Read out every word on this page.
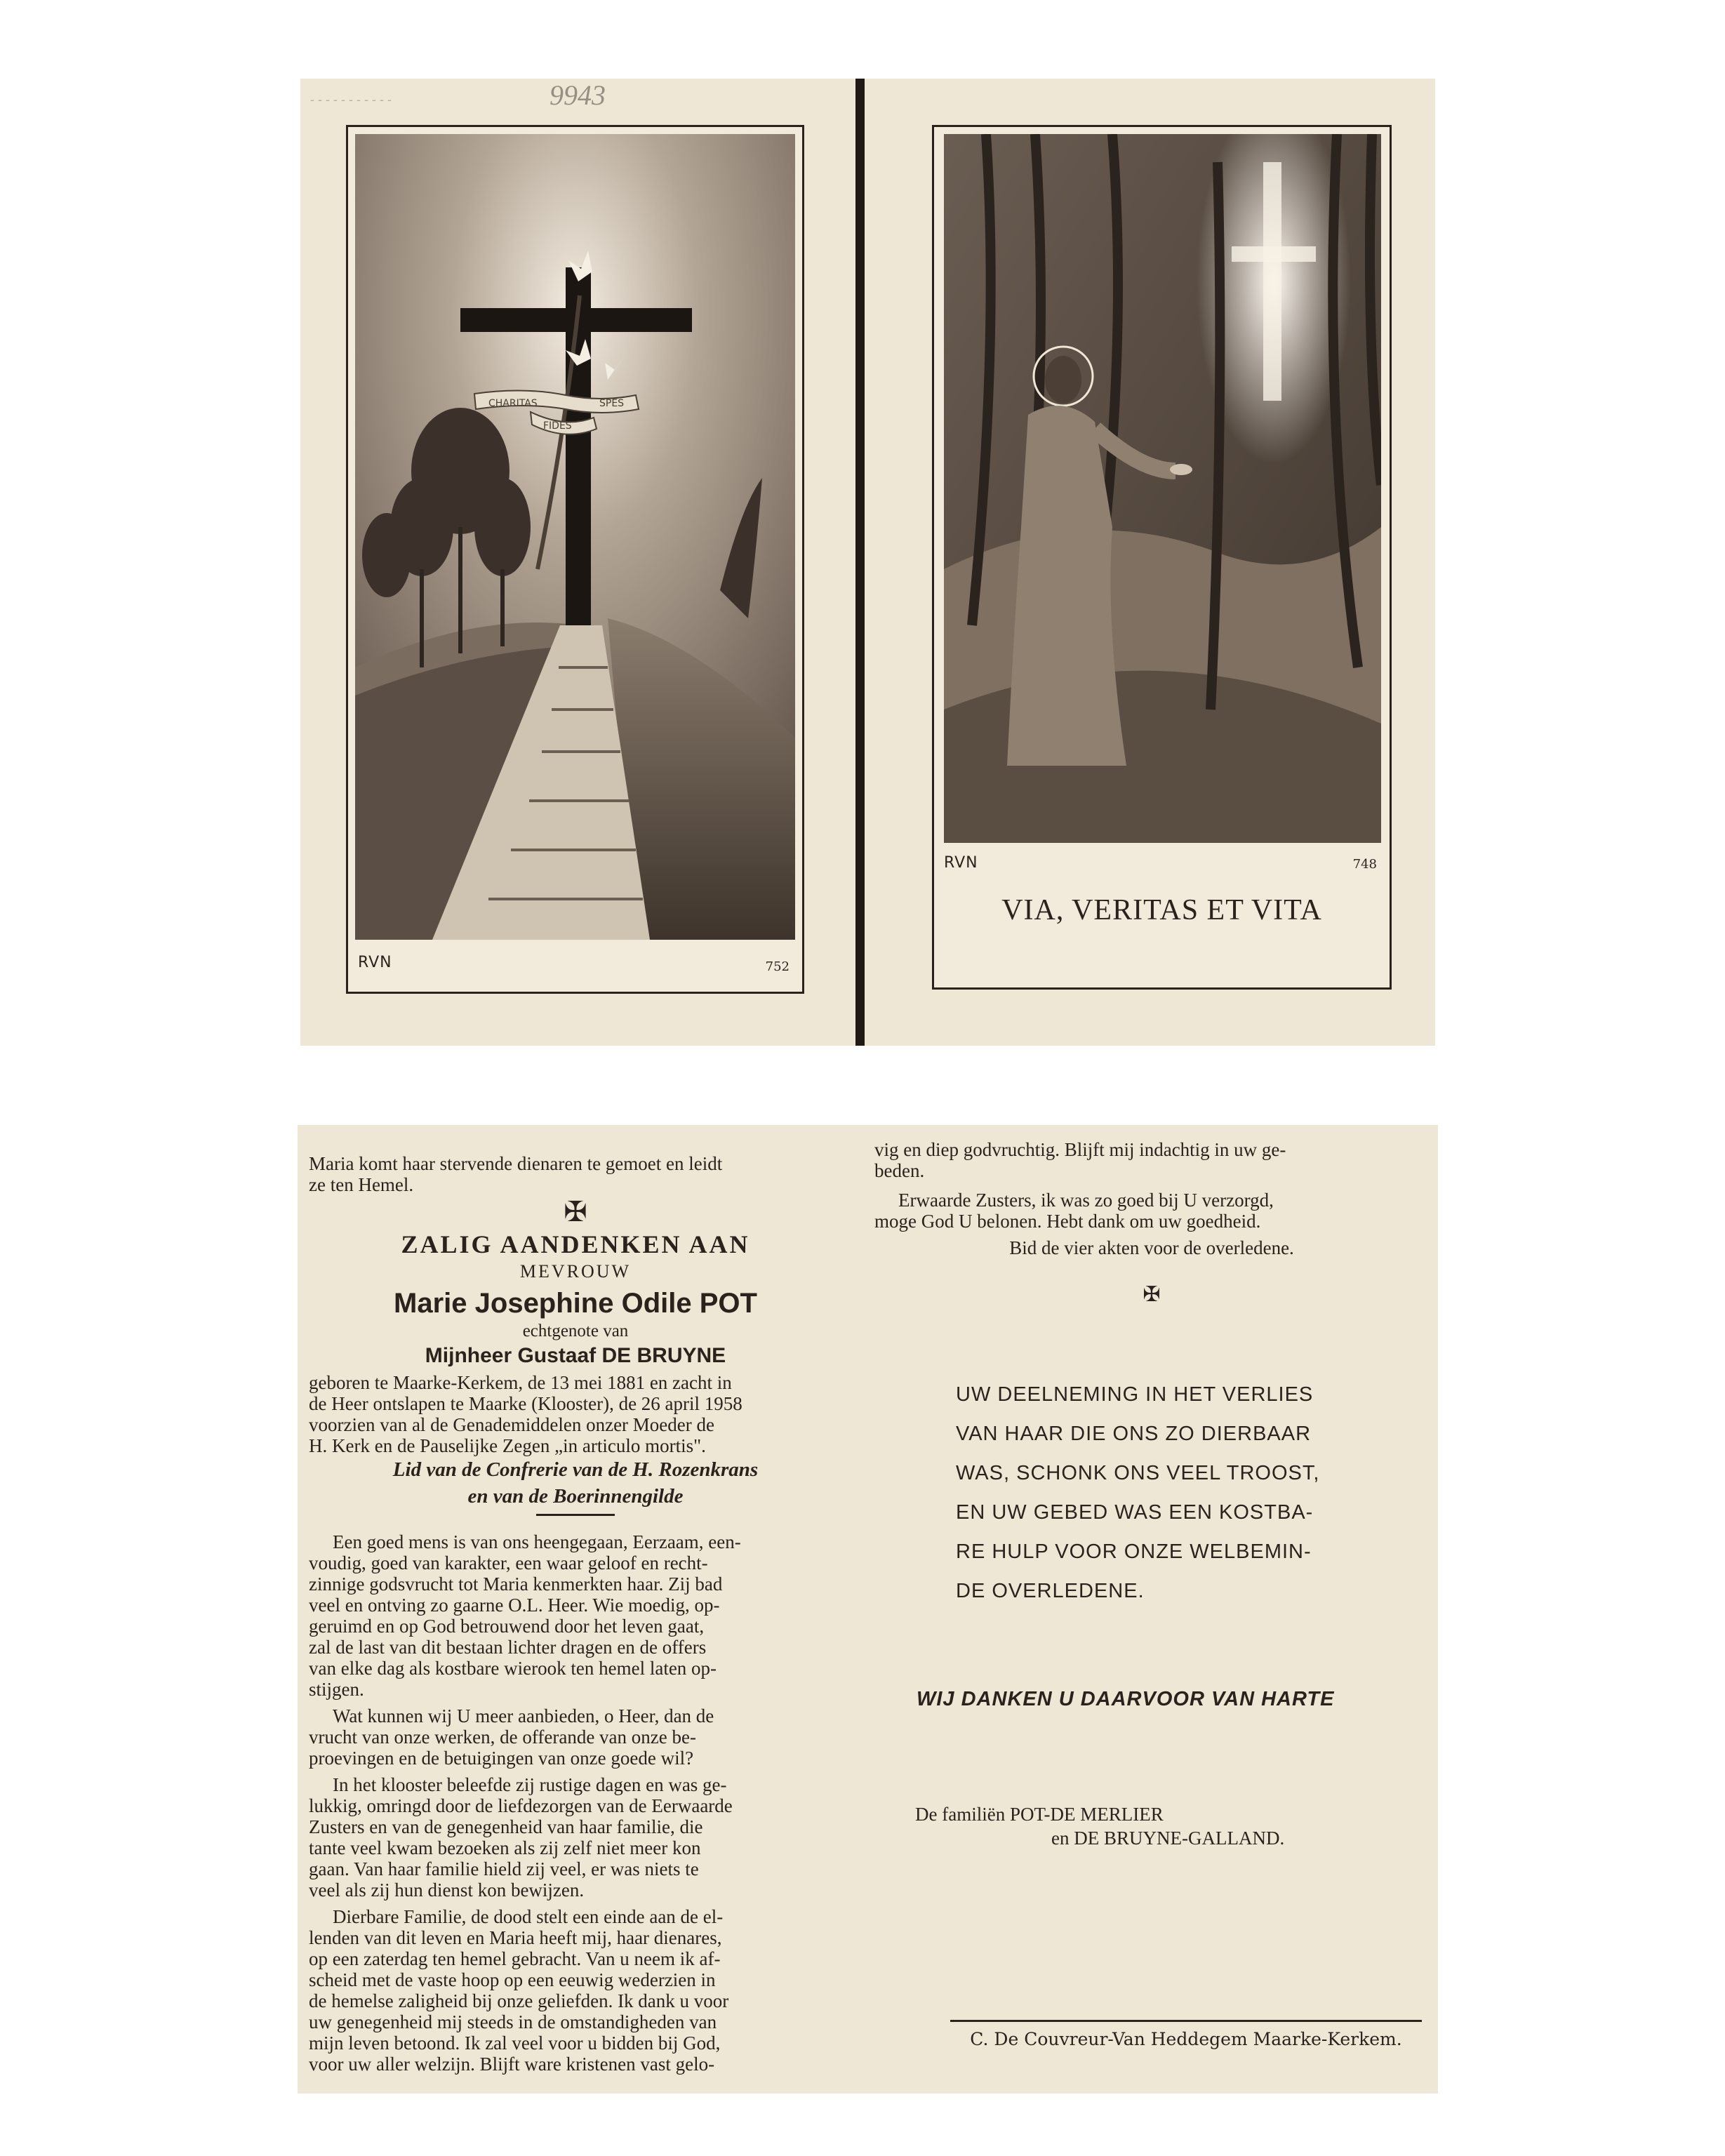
- - - - - - - - - - -	9943
CHARITAS
FIDES
SPES
RVN	752
RVN	748
VIA, VERITAS ET VITA

Maria komt haar stervende dienaren te gemoet en leidt

ze ten Hemel.

✠

ZALIG AANDENKEN AAN

MEVROUW

Marie Josephine Odile POT

echtgenote van

Mijnheer Gustaaf DE BRUYNE

geboren te Maarke-Kerkem, de 13 mei 1881 en zacht in

de Heer ontslapen te Maarke (Klooster), de 26 april 1958

voorzien van al de Genademiddelen onzer Moeder de

H. Kerk en de Pauselijke Zegen „in articulo mortis".

Lid van de Confrerie van de H. Rozenkrans

en van de Boerinnengilde

Een goed mens is van ons heengegaan, Eerzaam, een-

voudig, goed van karakter, een waar geloof en recht-

zinnige godsvrucht tot Maria kenmerkten haar. Zij bad

veel en ontving zo gaarne O.L. Heer. Wie moedig, op-

geruimd en op God betrouwend door het leven gaat,

zal de last van dit bestaan lichter dragen en de offers

van elke dag als kostbare wierook ten hemel laten op-

stijgen.

Wat kunnen wij U meer aanbieden, o Heer, dan de

vrucht van onze werken, de offerande van onze be-

proevingen en de betuigingen van onze goede wil?

In het klooster beleefde zij rustige dagen en was ge-

lukkig, omringd door de liefdezorgen van de Eerwaarde

Zusters en van de genegenheid van haar familie, die

tante veel kwam bezoeken als zij zelf niet meer kon

gaan. Van haar familie hield zij veel, er was niets te

veel als zij hun dienst kon bewijzen.

Dierbare Familie, de dood stelt een einde aan de el-

lenden van dit leven en Maria heeft mij, haar dienares,

op een zaterdag ten hemel gebracht. Van u neem ik af-

scheid met de vaste hoop op een eeuwig wederzien in

de hemelse zaligheid bij onze geliefden. Ik dank u voor

uw genegenheid mij steeds in de omstandigheden van

mijn leven betoond. Ik zal veel voor u bidden bij God,

voor uw aller welzijn. Blijft ware kristenen vast gelo-

vig en diep godvruchtig. Blijft mij indachtig in uw ge-

beden.

Erwaarde Zusters, ik was zo goed bij U verzorgd,

moge God U belonen. Hebt dank om uw goedheid.

Bid de vier akten voor de overledene.

✠

UW DEELNEMING IN HET VERLIES

VAN HAAR DIE ONS ZO DIERBAAR

WAS, SCHONK ONS VEEL TROOST,

EN UW GEBED WAS EEN KOSTBA-

RE HULP VOOR ONZE WELBEMIN-

DE OVERLEDENE.

WIJ DANKEN U DAARVOOR VAN HARTE

De familiën POT-DE MERLIER

en DE BRUYNE-GALLAND.

C. De Couvreur-Van Heddegem Maarke-Kerkem.
